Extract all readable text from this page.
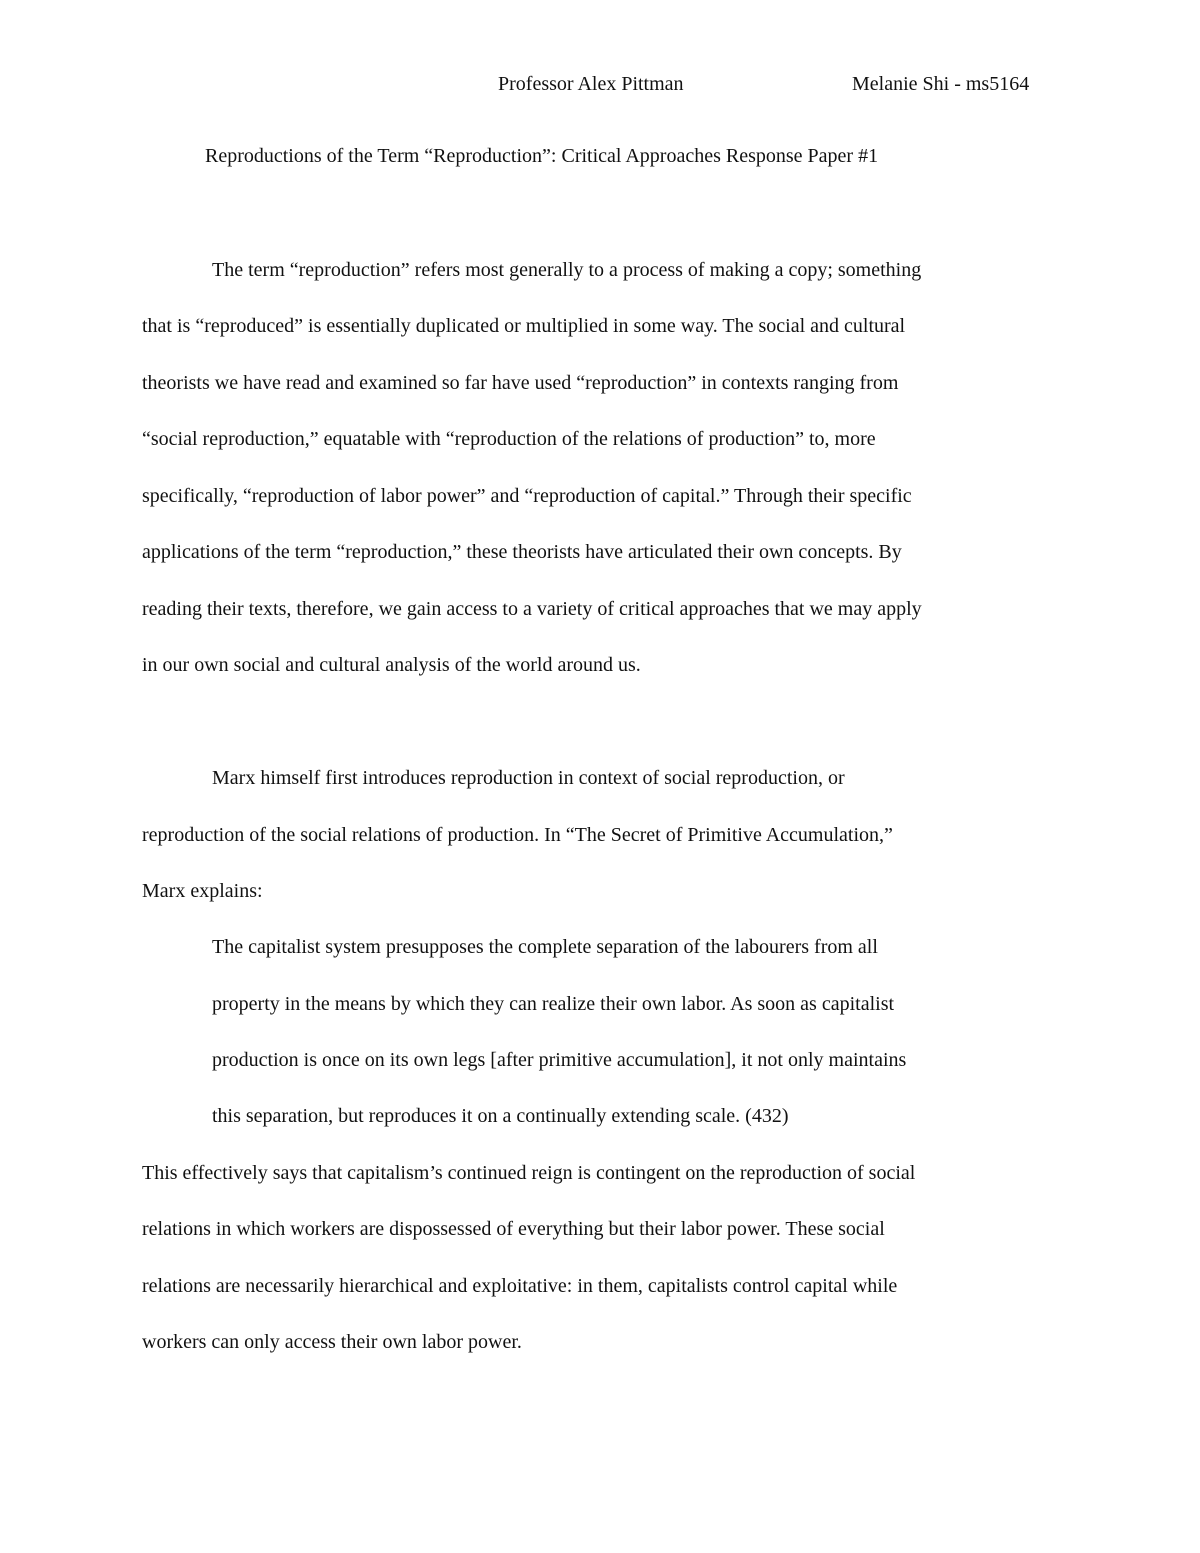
Professor Alex Pittman	Melanie Shi - ms5164
Reproductions of the Term “Reproduction”: Critical Approaches Response Paper #1
The term “reproduction” refers most generally to a process of making a copy; something
that is “reproduced” is essentially duplicated or multiplied in some way. The social and cultural
theorists we have read and examined so far have used “reproduction” in contexts ranging from
“social reproduction,” equatable with “reproduction of the relations of production” to, more
specifically, “reproduction of labor power” and “reproduction of capital.” Through their specific
applications of the term “reproduction,” these theorists have articulated their own concepts. By
reading their texts, therefore, we gain access to a variety of critical approaches that we may apply
in our own social and cultural analysis of the world around us.
Marx himself first introduces reproduction in context of social reproduction, or
reproduction of the social relations of production. In “The Secret of Primitive Accumulation,”
Marx explains:
The capitalist system presupposes the complete separation of the labourers from all
property in the means by which they can realize their own labor. As soon as capitalist
production is once on its own legs [after primitive accumulation], it not only maintains
this separation, but reproduces it on a continually extending scale. (432)
This effectively says that capitalism’s continued reign is contingent on the reproduction of social
relations in which workers are dispossessed of everything but their labor power. These social
relations are necessarily hierarchical and exploitative: in them, capitalists control capital while
workers can only access their own labor power.
